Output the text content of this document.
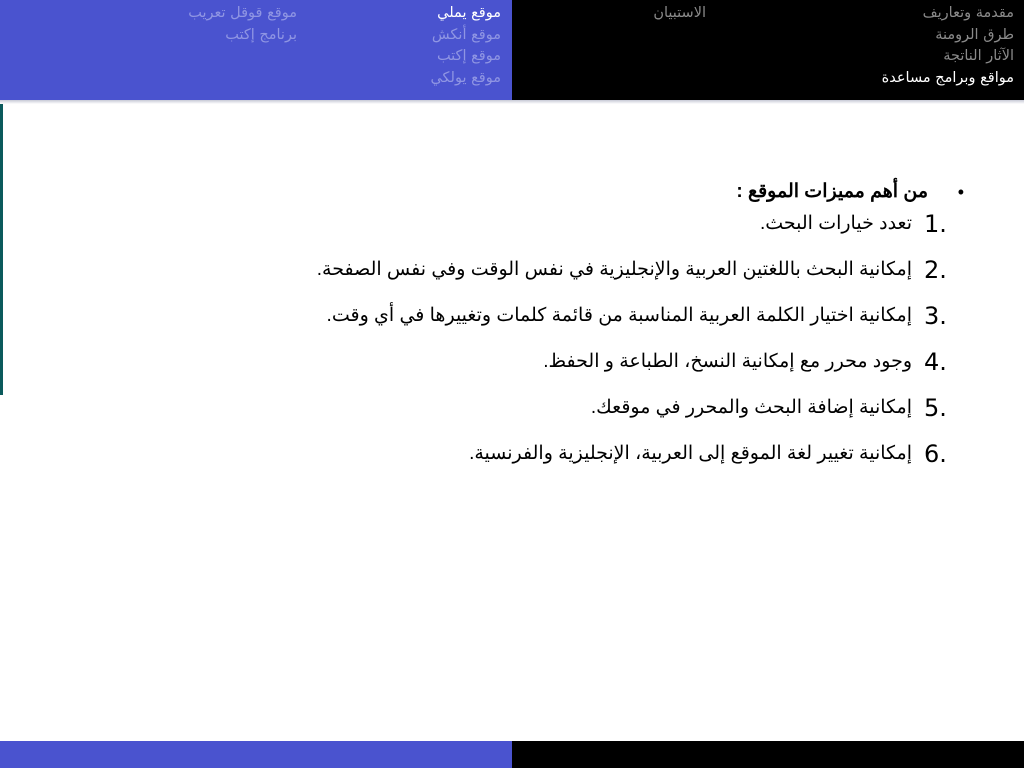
مقدمة وتعاريف
طرق الرومنة
الآثار الناتجة
مواقع وبرامج مساعدة
الاستبيان
موقع يملي
موقع أنكش
موقع إكتب
موقع يولكي
موقع قوقل تعريب
برنامج إكتب
•
من أهم مميزات الموقع :
1.
تعدد خيارات البحث.
2.
إمكانية البحث باللغتين العربية والإنجليزية في نفس الوقت وفي نفس الصفحة.
3.
إمكانية اختيار الكلمة العربية المناسبة من قائمة كلمات وتغييرها في أي وقت.
4.
وجود محرر مع إمكانية النسخ، الطباعة و الحفظ.
5.
إمكانية إضافة البحث والمحرر في موقعك.
6.
إمكانية تغيير لغة الموقع إلى العربية، الإنجليزية والفرنسية.
